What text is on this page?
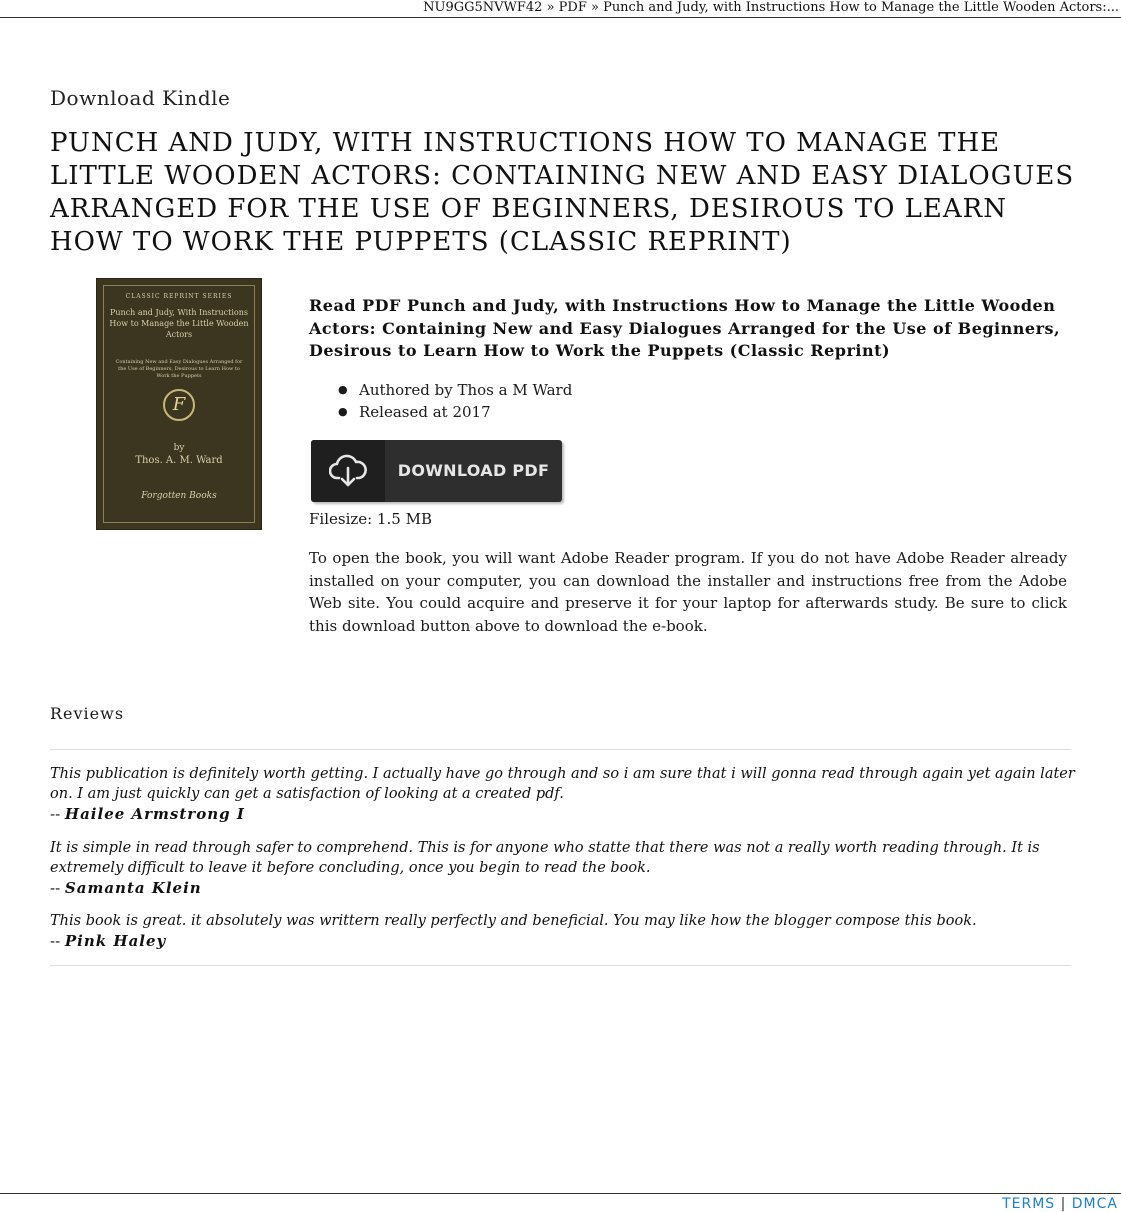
NU9GG5NVWF42 » PDF » Punch and Judy, with Instructions How to Manage the Little Wooden Actors:...
Download Kindle
PUNCH AND JUDY, WITH INSTRUCTIONS HOW TO MANAGE THE LITTLE WOODEN ACTORS: CONTAINING NEW AND EASY DIALOGUES ARRANGED FOR THE USE OF BEGINNERS, DESIROUS TO LEARN HOW TO WORK THE PUPPETS (CLASSIC REPRINT)
CLASSIC REPRINT SERIES
Punch and Judy, With Instructions How to Manage the Little Wooden Actors
Containing New and Easy Dialogues Arranged for the Use of Beginners, Desirous to Learn How to Work the Puppets
F
by
Thos. A. M. Ward
Forgotten Books
Read PDF Punch and Judy, with Instructions How to Manage the Little Wooden Actors: Containing New and Easy Dialogues Arranged for the Use of Beginners, Desirous to Learn How to Work the Puppets (Classic Reprint)
● Authored by Thos a M Ward
● Released at 2017
DOWNLOAD PDF
Filesize: 1.5 MB

To open the book, you will want Adobe Reader program. If you do not have Adobe Reader already installed on your computer, you can download the installer and instructions free from the Adobe Web site. You could acquire and preserve it for your laptop for afterwards study. Be sure to click this download button above to download the e-book.

Reviews

This publication is definitely worth getting. I actually have go through and so i am sure that i will gonna read through again yet again later on. I am just quickly can get a satisfaction of looking at a created pdf.

-- Hailee Armstrong I

It is simple in read through safer to comprehend. This is for anyone who statte that there was not a really worth reading through. It is extremely difficult to leave it before concluding, once you begin to read the book.

-- Samanta Klein

This book is great. it absolutely was writtern really perfectly and beneficial. You may like how the blogger compose this book.

-- Pink Haley

TERMS | DMCA
